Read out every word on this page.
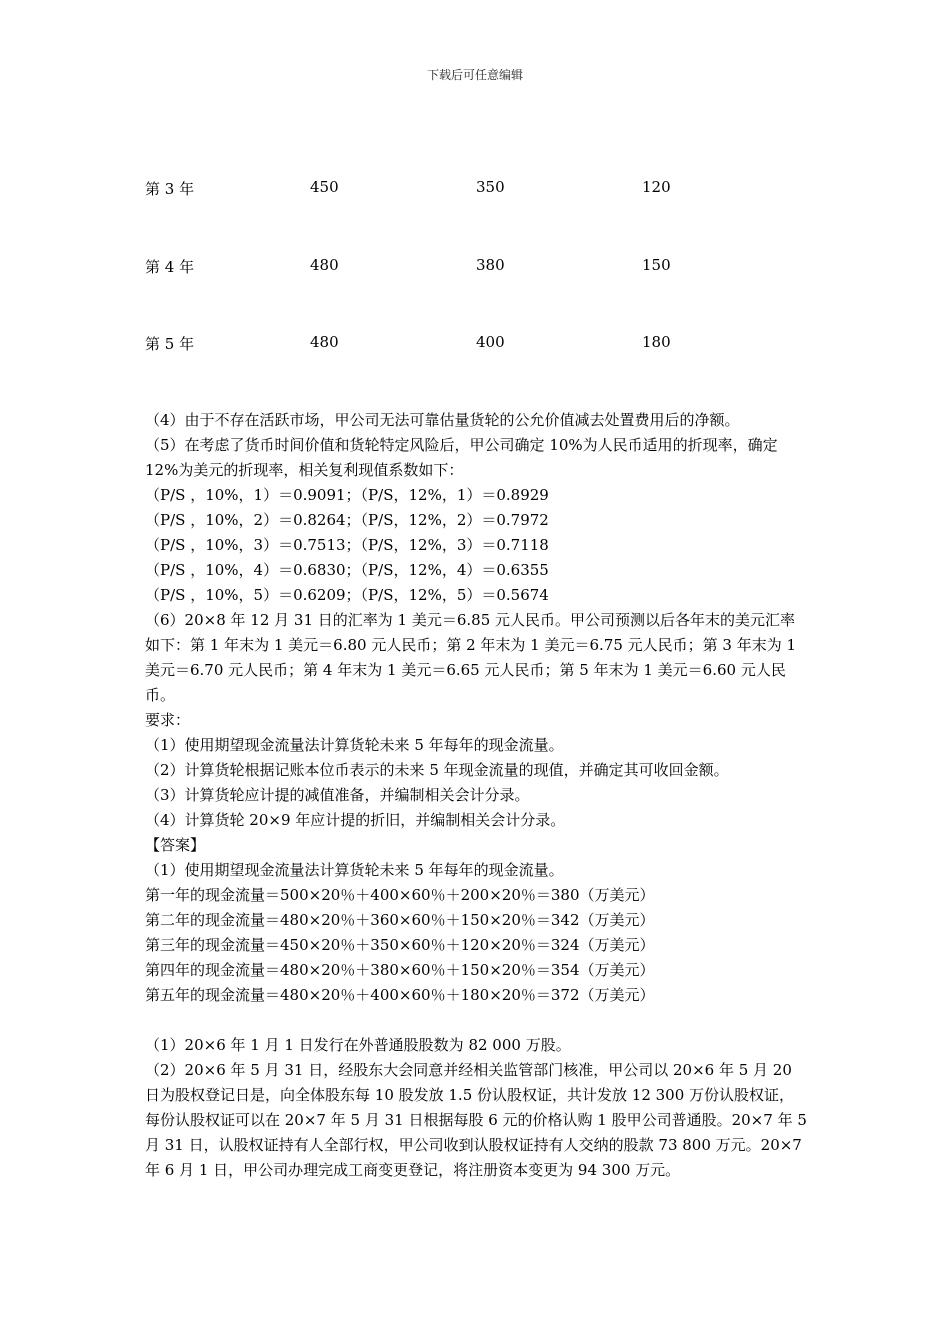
下载后可任意编辑
第 3 年	450	350	120
第 4 年	480	380	150
第 5 年	480	400	180

（4）由于不存在活跃市场，甲公司无法可靠估量货轮的公允价值减去处置费用后的净额。

（5）在考虑了货币时间价值和货轮特定风险后，甲公司确定 10%为人民币适用的折现率，确定 12%为美元的折现率，相关复利现值系数如下：

（P/S ，10%，1）＝0.9091；（P/S，12%，1）＝0.8929

（P/S ，10%，2）＝0.8264；（P/S，12%，2）＝0.7972

（P/S ，10%，3）＝0.7513；（P/S，12%，3）＝0.7118

（P/S ，10%，4）＝0.6830；（P/S，12%，4）＝0.6355

（P/S ，10%，5）＝0.6209；（P/S，12%，5）＝0.5674

（6）20×8 年 12 月 31 日的汇率为 1 美元＝6.85 元人民币。甲公司预测以后各年末的美元汇率如下：第 1 年末为 1 美元＝6.80 元人民币；第 2 年末为 1 美元＝6.75 元人民币；第 3 年末为 1 美元＝6.70 元人民币；第 4 年末为 1 美元＝6.65 元人民币；第 5 年末为 1 美元＝6.60 元人民币。

要求：

（1）使用期望现金流量法计算货轮未来 5 年每年的现金流量。

（2）计算货轮根据记账本位币表示的未来 5 年现金流量的现值，并确定其可收回金额。

（3）计算货轮应计提的减值准备，并编制相关会计分录。

（4）计算货轮 20×9 年应计提的折旧，并编制相关会计分录。

【答案】

（1）使用期望现金流量法计算货轮未来 5 年每年的现金流量。

第一年的现金流量＝500×20％＋400×60％＋200×20％＝380（万美元）

第二年的现金流量＝480×20％＋360×60％＋150×20％＝342（万美元）

第三年的现金流量＝450×20％＋350×60％＋120×20％＝324（万美元）

第四年的现金流量＝480×20％＋380×60％＋150×20％＝354（万美元）

第五年的现金流量＝480×20％＋400×60％＋180×20％＝372（万美元）

（1）20×6 年 1 月 1 日发行在外普通股股数为 82 000 万股。

（2）20×6 年 5 月 31 日，经股东大会同意并经相关监管部门核准，甲公司以 20×6 年 5 月 20 日为股权登记日是，向全体股东每 10 股发放 1.5 份认股权证，共计发放 12 300 万份认股权证，每份认股权证可以在 20×7 年 5 月 31 日根据每股 6 元的价格认购 1 股甲公司普通股。20×7 年 5 月 31 日，认股权证持有人全部行权，甲公司收到认股权证持有人交纳的股款 73 800 万元。20×7 年 6 月 1 日，甲公司办理完成工商变更登记，将注册资本变更为 94 300 万元。
